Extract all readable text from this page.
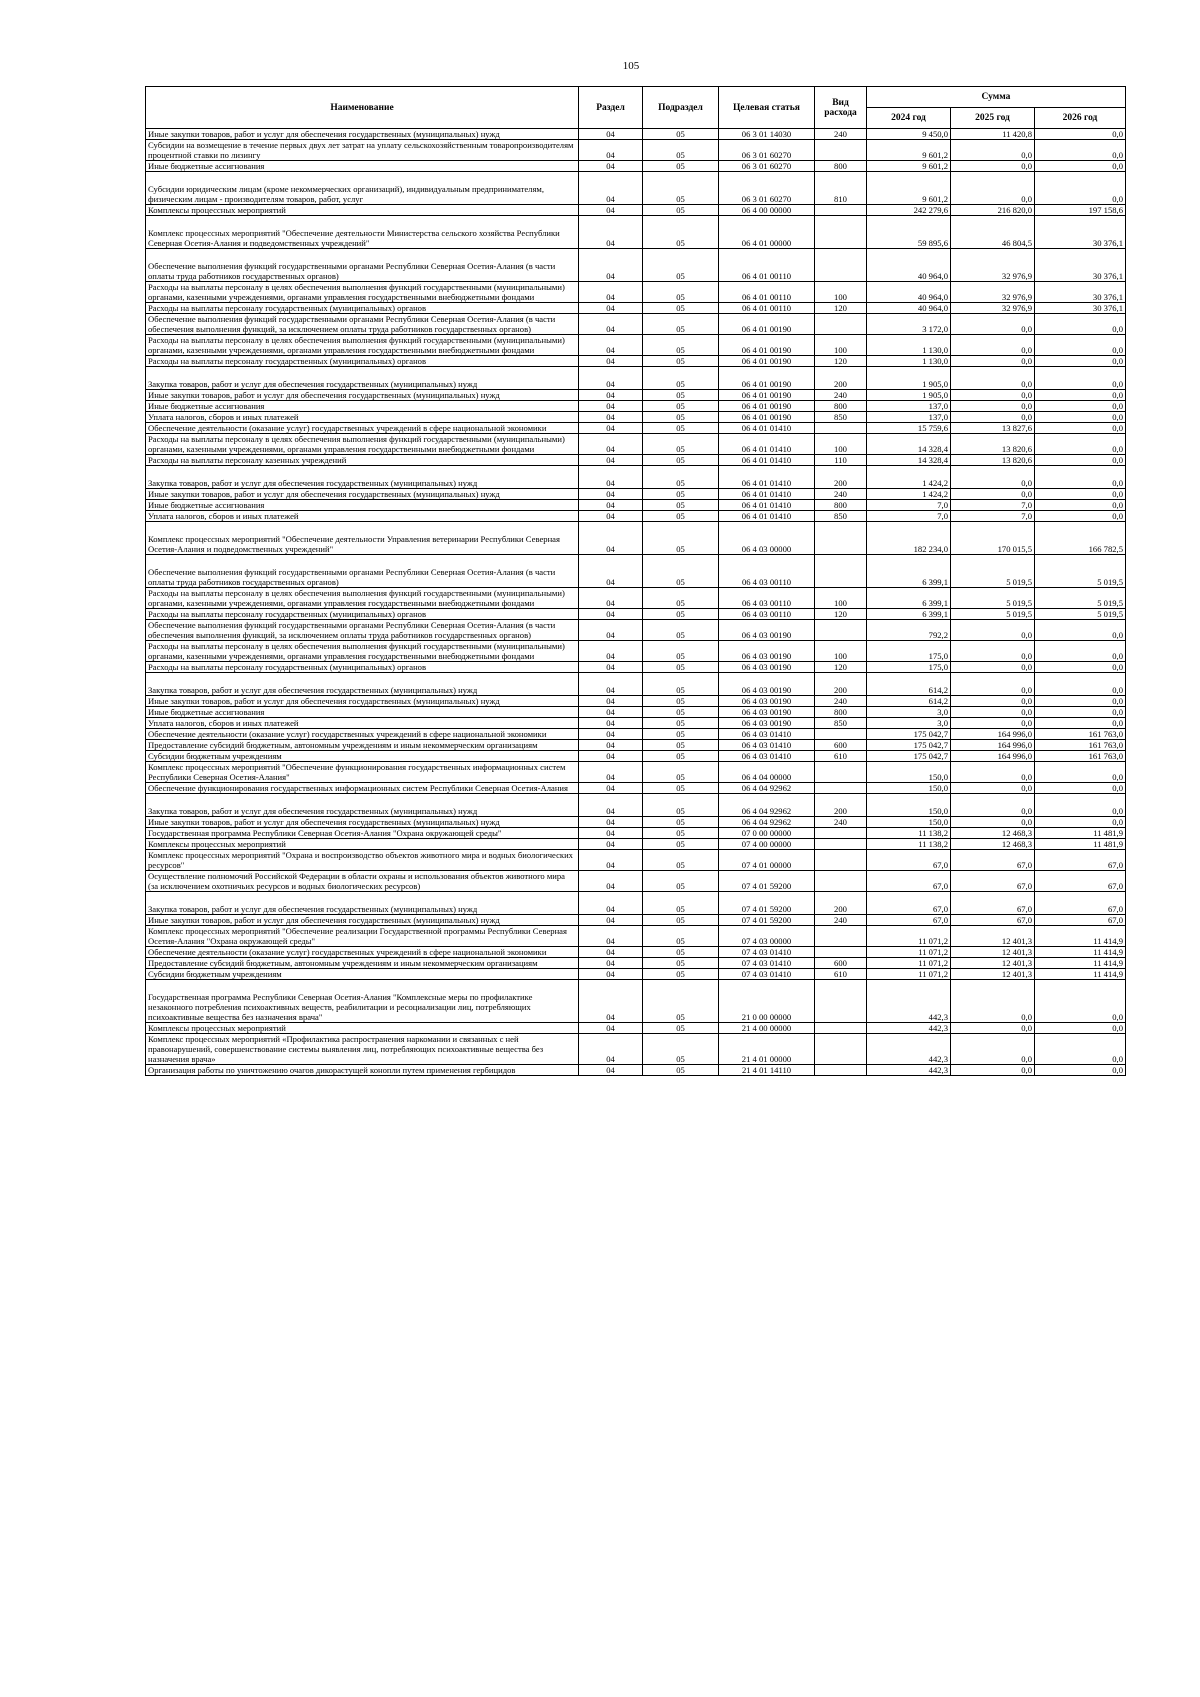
105
Наименование	Раздел	Подраздел	Целевая статья	Вид расхода	Сумма		
					2024 год	2025 год	2026 год
Иные закупки товаров, работ и услуг для обеспечения государственных (муниципальных) нужд	04	05	06 3 01 14030	240	9 450,0	11 420,8	0,0
Субсидии на возмещение в течение первых двух лет затрат на уплату сельскохозяйственным товаропроизводителям процентной ставки по лизингу	04	05	06 3 01 60270		9 601,2	0,0	0,0
Иные бюджетные ассигнования	04	05	06 3 01 60270	800	9 601,2	0,0	0,0
Субсидии юридическим лицам (кроме некоммерческих организаций), индивидуальным предпринимателям, физическим лицам - производителям товаров, работ, услуг	04	05	06 3 01 60270	810	9 601,2	0,0	0,0
Комплексы процессных мероприятий	04	05	06 4 00 00000		242 279,6	216 820,0	197 158,6
Комплекс процессных мероприятий "Обеспечение деятельности Министерства сельского хозяйства Республики Северная Осетия-Алания и подведомственных учреждений"	04	05	06 4 01 00000		59 895,6	46 804,5	30 376,1
Обеспечение выполнения функций государственными органами Республики Северная Осетия-Алания (в части оплаты труда работников государственных органов)	04	05	06 4 01 00110		40 964,0	32 976,9	30 376,1
Расходы на выплаты персоналу в целях обеспечения выполнения функций государственными (муниципальными) органами, казенными учреждениями, органами управления государственными внебюджетными фондами	04	05	06 4 01 00110	100	40 964,0	32 976,9	30 376,1
Расходы на выплаты персоналу государственных (муниципальных) органов	04	05	06 4 01 00110	120	40 964,0	32 976,9	30 376,1
Обеспечение выполнения функций государственными органами Республики Северная Осетия-Алания (в части обеспечения выполнения функций, за исключением оплаты труда работников государственных органов)	04	05	06 4 01 00190		3 172,0	0,0	0,0
Расходы на выплаты персоналу в целях обеспечения выполнения функций государственными (муниципальными) органами, казенными учреждениями, органами управления государственными внебюджетными фондами	04	05	06 4 01 00190	100	1 130,0	0,0	0,0
Расходы на выплаты персоналу государственных (муниципальных) органов	04	05	06 4 01 00190	120	1 130,0	0,0	0,0
Закупка товаров, работ и услуг для обеспечения государственных (муниципальных) нужд	04	05	06 4 01 00190	200	1 905,0	0,0	0,0
Иные закупки товаров, работ и услуг для обеспечения государственных (муниципальных) нужд	04	05	06 4 01 00190	240	1 905,0	0,0	0,0
Иные бюджетные ассигнования	04	05	06 4 01 00190	800	137,0	0,0	0,0
Уплата налогов, сборов и иных платежей	04	05	06 4 01 00190	850	137,0	0,0	0,0
Обеспечение деятельности (оказание услуг) государственных учреждений в сфере национальной экономики	04	05	06 4 01 01410		15 759,6	13 827,6	0,0
Расходы на выплаты персоналу в целях обеспечения выполнения функций государственными (муниципальными) органами, казенными учреждениями, органами управления государственными внебюджетными фондами	04	05	06 4 01 01410	100	14 328,4	13 820,6	0,0
Расходы на выплаты персоналу казенных учреждений	04	05	06 4 01 01410	110	14 328,4	13 820,6	0,0
Закупка товаров, работ и услуг для обеспечения государственных (муниципальных) нужд	04	05	06 4 01 01410	200	1 424,2	0,0	0,0
Иные закупки товаров, работ и услуг для обеспечения государственных (муниципальных) нужд	04	05	06 4 01 01410	240	1 424,2	0,0	0,0
Иные бюджетные ассигнования	04	05	06 4 01 01410	800	7,0	7,0	0,0
Уплата налогов, сборов и иных платежей	04	05	06 4 01 01410	850	7,0	7,0	0,0
Комплекс процессных мероприятий "Обеспечение деятельности Управления ветеринарии Республики Северная Осетия-Алания и подведомственных учреждений"	04	05	06 4 03 00000		182 234,0	170 015,5	166 782,5
Обеспечение выполнения функций государственными органами Республики Северная Осетия-Алания (в части оплаты труда работников государственных органов)	04	05	06 4 03 00110		6 399,1	5 019,5	5 019,5
Расходы на выплаты персоналу в целях обеспечения выполнения функций государственными (муниципальными) органами, казенными учреждениями, органами управления государственными внебюджетными фондами	04	05	06 4 03 00110	100	6 399,1	5 019,5	5 019,5
Расходы на выплаты персоналу государственных (муниципальных) органов	04	05	06 4 03 00110	120	6 399,1	5 019,5	5 019,5
Обеспечение выполнения функций государственными органами Республики Северная Осетия-Алания (в части обеспечения выполнения функций, за исключением оплаты труда работников государственных органов)	04	05	06 4 03 00190		792,2	0,0	0,0
Расходы на выплаты персоналу в целях обеспечения выполнения функций государственными (муниципальными) органами, казенными учреждениями, органами управления государственными внебюджетными фондами	04	05	06 4 03 00190	100	175,0	0,0	0,0
Расходы на выплаты персоналу государственных (муниципальных) органов	04	05	06 4 03 00190	120	175,0	0,0	0,0
Закупка товаров, работ и услуг для обеспечения государственных (муниципальных) нужд	04	05	06 4 03 00190	200	614,2	0,0	0,0
Иные закупки товаров, работ и услуг для обеспечения государственных (муниципальных) нужд	04	05	06 4 03 00190	240	614,2	0,0	0,0
Иные бюджетные ассигнования	04	05	06 4 03 00190	800	3,0	0,0	0,0
Уплата налогов, сборов и иных платежей	04	05	06 4 03 00190	850	3,0	0,0	0,0
Обеспечение деятельности (оказание услуг) государственных учреждений в сфере национальной экономики	04	05	06 4 03 01410		175 042,7	164 996,0	161 763,0
Предоставление субсидий бюджетным, автономным учреждениям и иным некоммерческим организациям	04	05	06 4 03 01410	600	175 042,7	164 996,0	161 763,0
Субсидии бюджетным учреждениям	04	05	06 4 03 01410	610	175 042,7	164 996,0	161 763,0
Комплекс процессных мероприятий "Обеспечение функционирования государственных информационных систем Республики Северная Осетия-Алания"	04	05	06 4 04 00000		150,0	0,0	0,0
Обеспечение функционирования государственных информационных систем Республики Северная Осетия-Алания	04	05	06 4 04 92962		150,0	0,0	0,0
Закупка товаров, работ и услуг для обеспечения государственных (муниципальных) нужд	04	05	06 4 04 92962	200	150,0	0,0	0,0
Иные закупки товаров, работ и услуг для обеспечения государственных (муниципальных) нужд	04	05	06 4 04 92962	240	150,0	0,0	0,0
Государственная программа Республики Северная Осетия-Алания "Охрана окружающей среды"	04	05	07 0 00 00000		11 138,2	12 468,3	11 481,9
Комплексы процессных мероприятий	04	05	07 4 00 00000		11 138,2	12 468,3	11 481,9
Комплекс процессных мероприятий "Охрана и воспроизводство объектов животного мира и водных биологических ресурсов"	04	05	07 4 01 00000		67,0	67,0	67,0
Осуществление полномочий Российской Федерации в области охраны и использования объектов животного мира (за исключением охотничьих ресурсов и водных биологических ресурсов)	04	05	07 4 01 59200		67,0	67,0	67,0
Закупка товаров, работ и услуг для обеспечения государственных (муниципальных) нужд	04	05	07 4 01 59200	200	67,0	67,0	67,0
Иные закупки товаров, работ и услуг для обеспечения государственных (муниципальных) нужд	04	05	07 4 01 59200	240	67,0	67,0	67,0
Комплекс процессных мероприятий "Обеспечение реализации Государственной программы Республики Северная Осетия-Алания "Охрана окружающей среды"	04	05	07 4 03 00000		11 071,2	12 401,3	11 414,9
Обеспечение деятельности (оказание услуг) государственных учреждений в сфере национальной экономики	04	05	07 4 03 01410		11 071,2	12 401,3	11 414,9
Предоставление субсидий бюджетным, автономным учреждениям и иным некоммерческим организациям	04	05	07 4 03 01410	600	11 071,2	12 401,3	11 414,9
Субсидии бюджетным учреждениям	04	05	07 4 03 01410	610	11 071,2	12 401,3	11 414,9
Государственная программа Республики Северная Осетия-Алания "Комплексные меры по профилактике незаконного потребления психоактивных веществ, реабилитации и ресоциализации лиц, потребляющих психоактивные вещества без назначения врача"	04	05	21 0 00 00000		442,3	0,0	0,0
Комплексы процессных мероприятий	04	05	21 4 00 00000		442,3	0,0	0,0
Комплекс процессных мероприятий «Профилактика распространения наркомании и связанных с ней правонарушений, совершенствование системы выявления лиц, потребляющих психоактивные вещества без назначения врача»	04	05	21 4 01 00000		442,3	0,0	0,0
Организация работы по уничтожению очагов дикорастущей конопли путем применения гербицидов	04	05	21 4 01 14110		442,3	0,0	0,0
